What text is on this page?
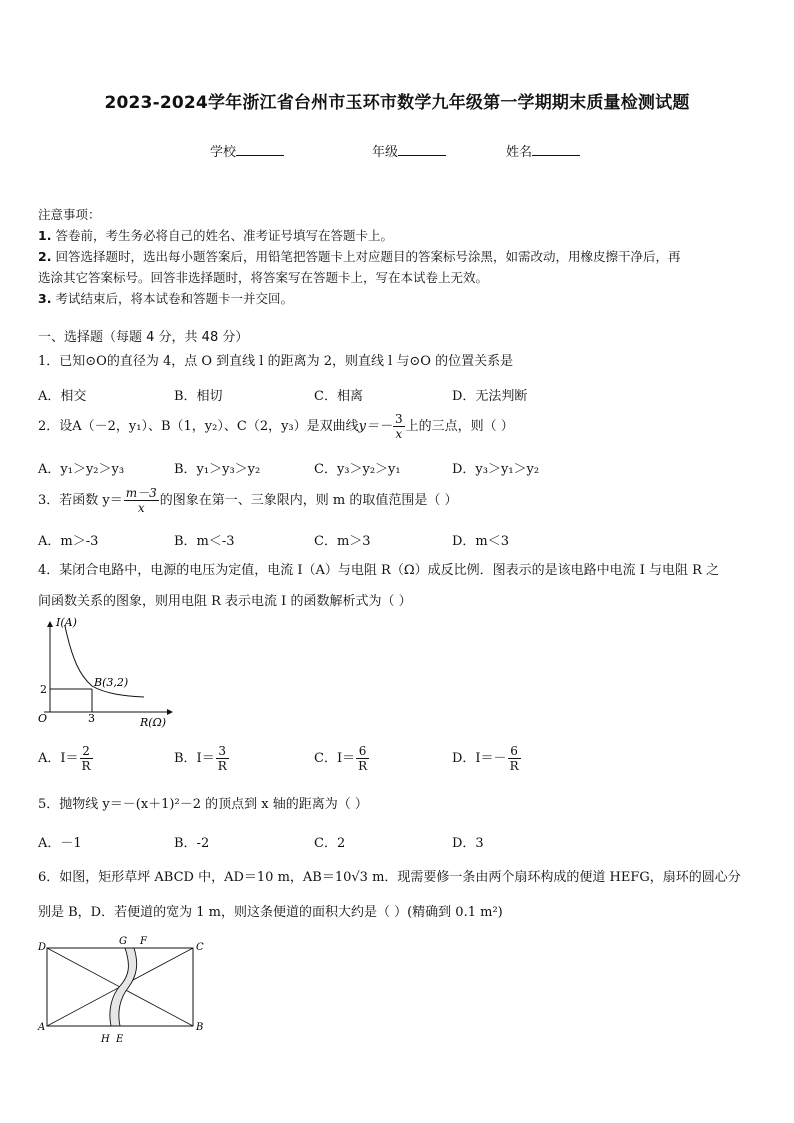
2023-2024学年浙江省台州市玉环市数学九年级第一学期期末质量检测试题
学校	年级	姓名
注意事项：
1. 答卷前，考生务必将自己的姓名、准考证号填写在答题卡上。
2. 回答选择题时，选出每小题答案后，用铅笔把答题卡上对应题目的答案标号涂黑，如需改动，用橡皮擦干净后，再
选涂其它答案标号。回答非选择题时，将答案写在答题卡上，写在本试卷上无效。
3. 考试结束后，将本试卷和答题卡一并交回。
一、选择题（每题 4 分，共 48 分）
1．已知⊙O的直径为 4，点 O 到直线 l 的距离为 2，则直线 l 与⊙O 的位置关系是
A．相交	B．相切	C．相离	D．无法判断
2．设A（－2，y₁）、B（1，y₂）、C（2，y₃）是双曲线$y=- \frac{3}{x}$ 上的三点，则（ ）
A．y₁＞y₂＞y₃	B．y₁＞y₃＞y₂	C．y₃＞y₂＞y₁	D．y₃＞y₁＞y₂
3．若函数 $y= \frac{m-3}{x}$ 的图象在第一、三象限内，则 m 的取值范围是（ ）
A．m＞-3	B．m＜-3	C．m＞3	D．m＜3
4．某闭合电路中，电源的电压为定值，电流 I（A）与电阻 R（Ω）成反比例．图表示的是该电路中电流 I 与电阻 R 之
间函数关系的图象，则用电阻 R 表示电流 I 的函数解析式为（ ）
I(A)
B(3,2)
2
O	3	R(Ω)
A．$I= \frac{2}{R}$	B．$I= \frac{3}{R}$	C．$I= \frac{6}{R}$	D．$I=- \frac{6}{R}$
5．抛物线 y＝－(x＋1)²－2 的顶点到 x 轴的距离为（ ）
A．－1	B．-2	C．2	D．3
6．如图，矩形草坪 ABCD 中，AD＝10 m，AB＝10√3 m．现需要修一条由两个扇环构成的便道 HEFG，扇环的圆心分
别是 B，D．若便道的宽为 1 m，则这条便道的面积大约是（ ）(精确到 0.1 m²)
D
G F
C
A	B
H E
